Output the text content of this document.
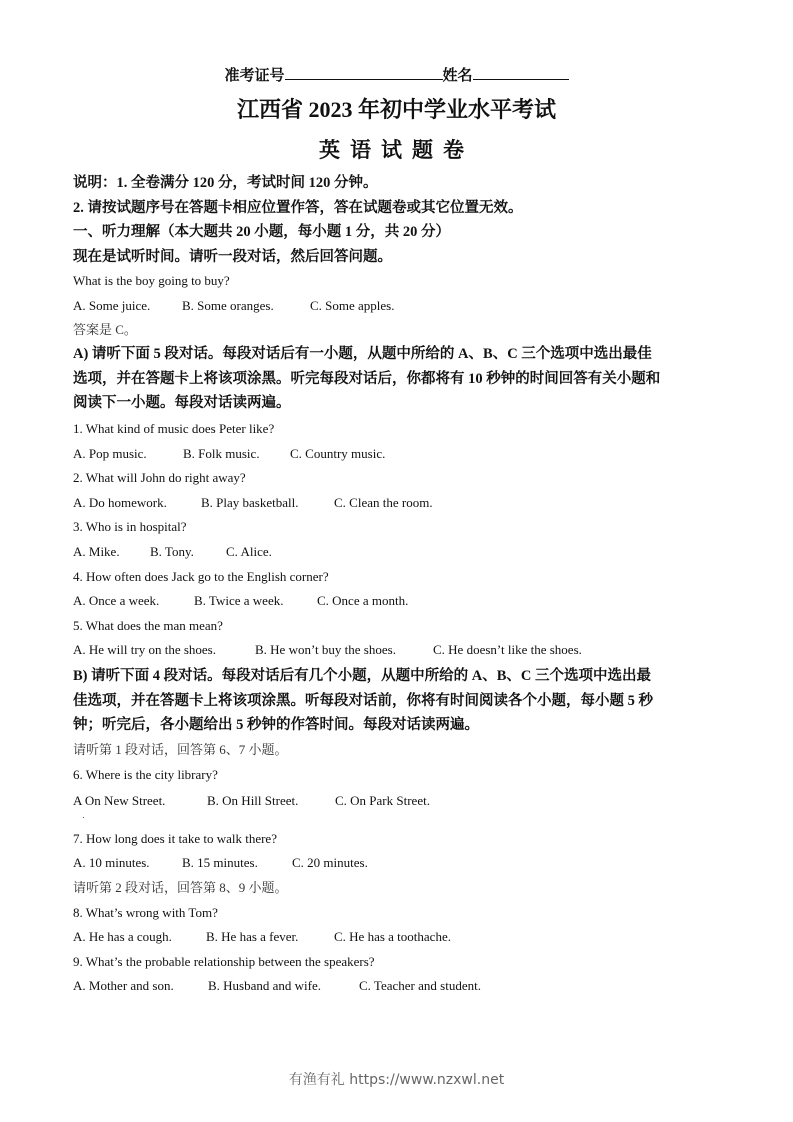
准考证号	姓名
江西省 2023 年初中学业水平考试
英语试题卷
说明：1. 全卷满分 120 分，考试时间 120 分钟。
2. 请按试题序号在答题卡相应位置作答，答在试题卷或其它位置无效。
一、听力理解（本大题共 20 小题，每小题 1 分，共 20 分）
现在是试听时间。请听一段对话，然后回答问题。
What is the boy going to buy?
A. Some juice. B. Some oranges.	C. Some apples.
答案是 C。
A) 请听下面 5 段对话。每段对话后有一小题，从题中所给的 A、B、C 三个选项中选出最佳
选项，并在答题卡上将该项涂黑。听完每段对话后，你都将有 10 秒钟的时间回答有关小题和
阅读下一小题。每段对话读两遍。
1. What kind of music does Peter like?
A. Pop music.	B. Folk music. C. Country music.
2. What will John do right away?
A. Do homework.	B. Play basketball.	C. Clean the room.
3. Who is in hospital?
A. Mike. B. Tony. C. Alice.
4. How often does Jack go to the English corner?
A. Once a week.	B. Twice a week.	C. Once a month.
5. What does the man mean?
A. He will try on the shoes.	B. He won’t buy the shoes.	C. He doesn’t like the shoes.
B) 请听下面 4 段对话。每段对话后有几个小题，从题中所给的 A、B、C 三个选项中选出最
佳选项，并在答题卡上将该项涂黑。听每段对话前，你将有时间阅读各个小题，每小题 5 秒
钟；听完后，各小题给出 5 秒钟的作答时间。每段对话读两遍。
请听第 1 段对话，回答第 6、7 小题。
6. Where is the city library?
A On New Street.	B. On Hill Street.	C. On Park Street.
7. How long does it take to walk there?
A. 10 minutes. B. 15 minutes.	C. 20 minutes.
请听第 2 段对话，回答第 8、9 小题。
8. What’s wrong with Tom?
A. He has a cough.	B. He has a fever.	C. He has a toothache.
9. What’s the probable relationship between the speakers?
A. Mother and son.	B. Husband and wife.	C. Teacher and student.
有渔有礼 https://www.nzxwl.net
